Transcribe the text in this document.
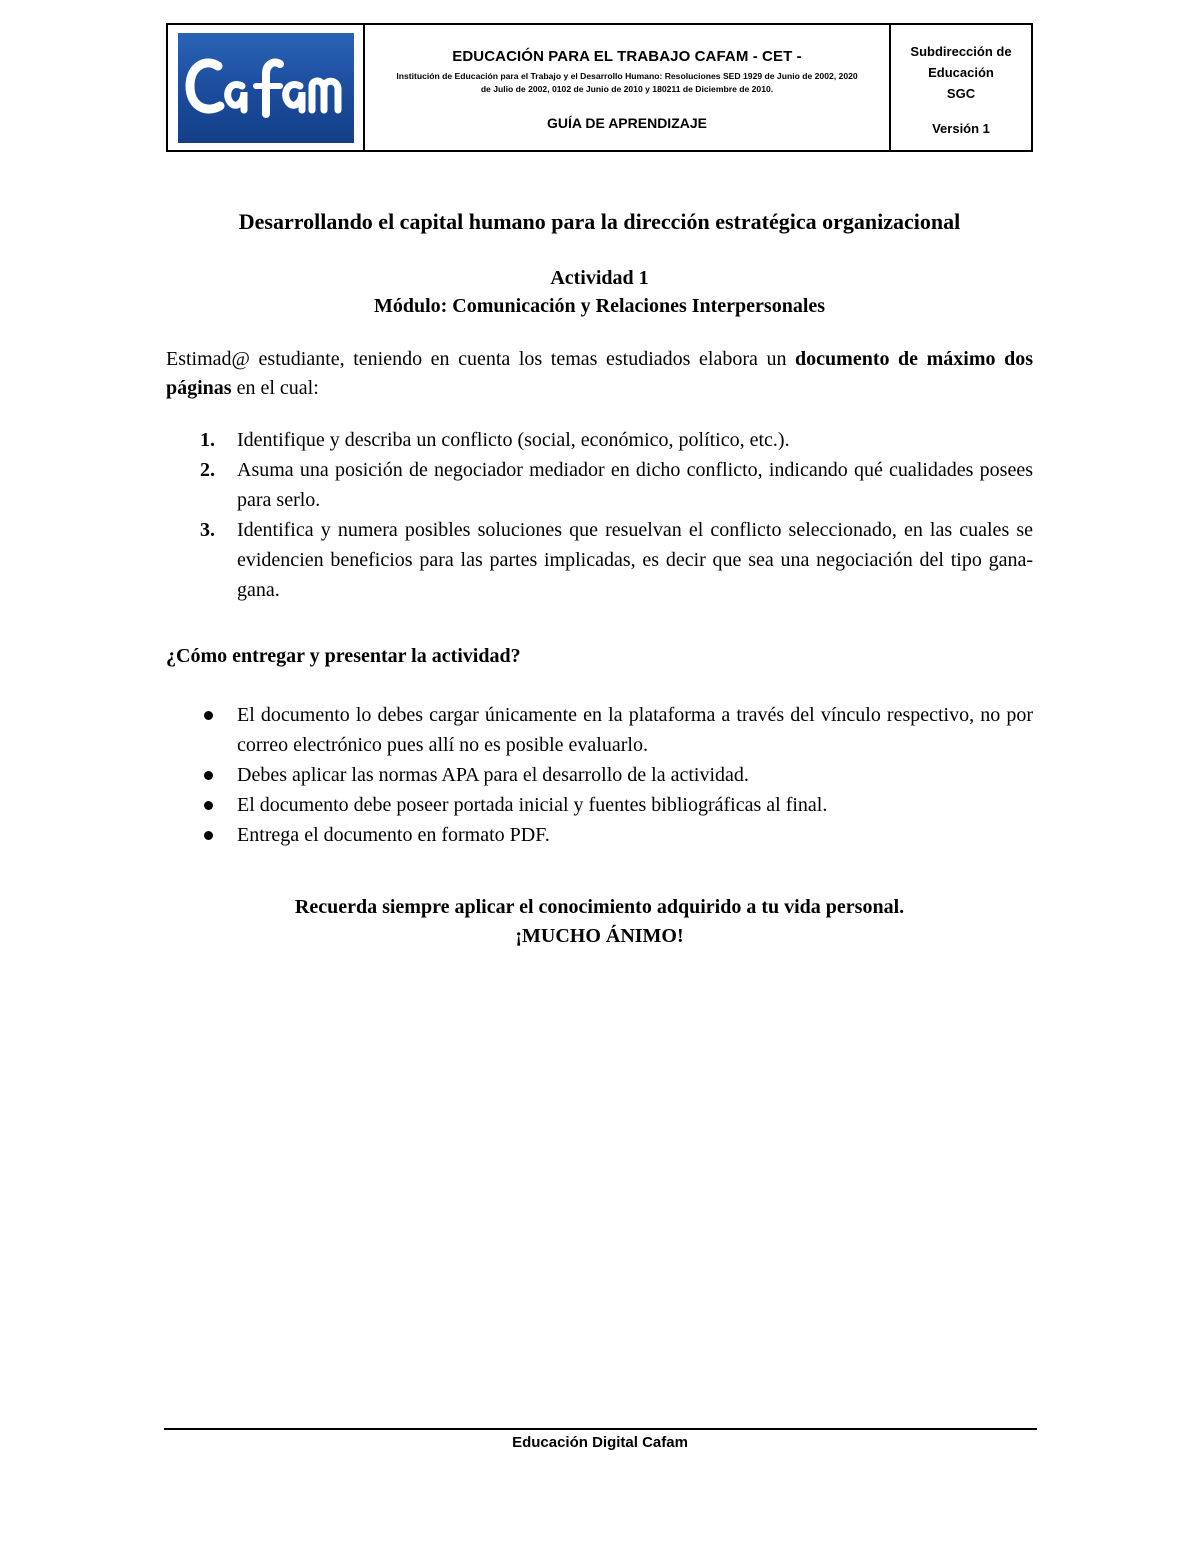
EDUCACIÓN PARA EL TRABAJO CAFAM - CET -
Institución de Educación para el Trabajo y el Desarrollo Humano: Resoluciones SED 1929 de Junio de 2002, 2020 de Julio de 2002, 0102 de Junio de 2010 y 180211 de Diciembre de 2010.
GUÍA DE APRENDIZAJE
Subdirección de
Educación
SGC
Versión 1
Desarrollando el capital humano para la dirección estratégica organizacional
Actividad 1
Módulo: Comunicación y Relaciones Interpersonales
Estimad@ estudiante, teniendo en cuenta los temas estudiados elabora un documento de máximo dos páginas en el cual:
1. Identifique y describa un conflicto (social, económico, político, etc.).
2. Asuma una posición de negociador mediador en dicho conflicto, indicando qué cualidades posees para serlo.
3. Identifica y numera posibles soluciones que resuelvan el conflicto seleccionado, en las cuales se evidencien beneficios para las partes implicadas, es decir que sea una negociación del tipo gana-gana.
¿Cómo entregar y presentar la actividad?
El documento lo debes cargar únicamente en la plataforma a través del vínculo respectivo, no por correo electrónico pues allí no es posible evaluarlo.
Debes aplicar las normas APA para el desarrollo de la actividad.
El documento debe poseer portada inicial y fuentes bibliográficas al final.
Entrega el documento en formato PDF.
Recuerda siempre aplicar el conocimiento adquirido a tu vida personal.
¡MUCHO ÁNIMO!
Educación Digital Cafam
